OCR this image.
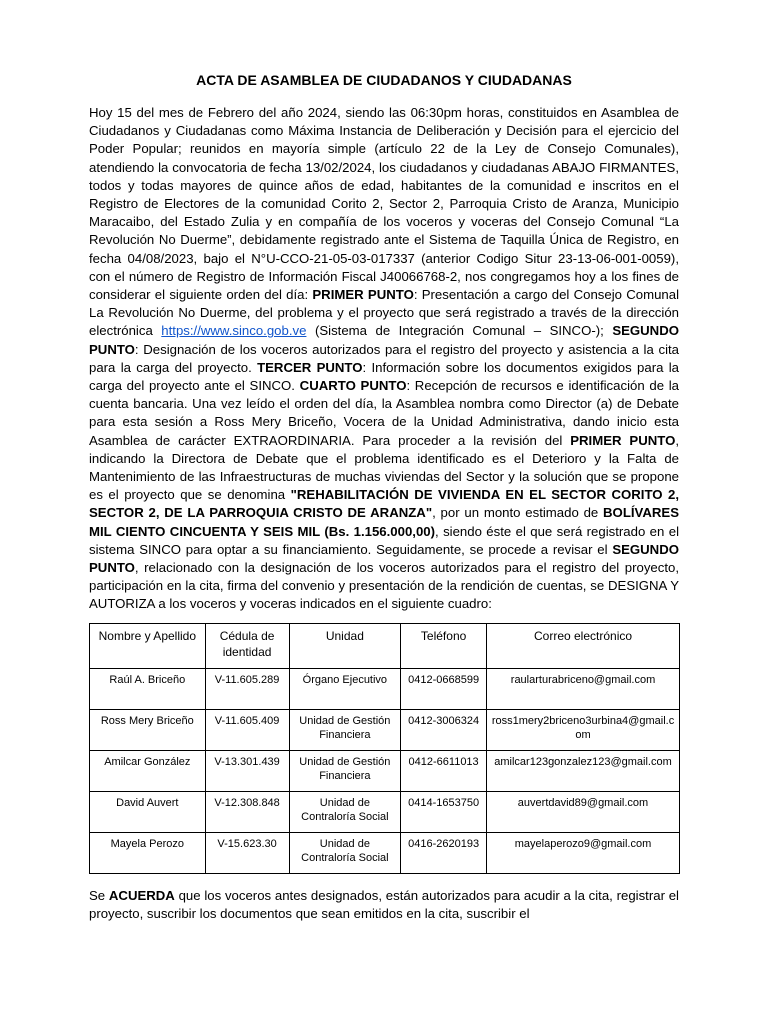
ACTA DE ASAMBLEA DE CIUDADANOS Y CIUDADANAS

Hoy 15 del mes de Febrero del año 2024, siendo las 06:30pm horas, constituidos en Asamblea de Ciudadanos y Ciudadanas como Máxima Instancia de Deliberación y Decisión para el ejercicio del Poder Popular; reunidos en mayoría simple (artículo 22 de la Ley de Consejo Comunales), atendiendo la convocatoria de fecha 13/02/2024, los ciudadanos y ciudadanas ABAJO FIRMANTES, todos y todas mayores de quince años de edad, habitantes de la comunidad e inscritos en el Registro de Electores de la comunidad Corito 2, Sector 2, Parroquia Cristo de Aranza, Municipio Maracaibo, del Estado Zulia y en compañía de los voceros y voceras del Consejo Comunal “La Revolución No Duerme”, debidamente registrado ante el Sistema de Taquilla Única de Registro, en fecha 04/08/2023, bajo el N°U-CCO-21-05-03-017337 (anterior Codigo Situr 23-13-06-001-0059), con el número de Registro de Información Fiscal J40066768-2, nos congregamos hoy a los fines de considerar el siguiente orden del día: PRIMER PUNTO: Presentación a cargo del Consejo Comunal La Revolución No Duerme, del problema y el proyecto que será registrado a través de la dirección electrónica https://www.sinco.gob.ve (Sistema de Integración Comunal – SINCO-); SEGUNDO PUNTO: Designación de los voceros autorizados para el registro del proyecto y asistencia a la cita para la carga del proyecto. TERCER PUNTO: Información sobre los documentos exigidos para la carga del proyecto ante el SINCO. CUARTO PUNTO: Recepción de recursos e identificación de la cuenta bancaria. Una vez leído el orden del día, la Asamblea nombra como Director (a) de Debate para esta sesión a Ross Mery Briceño, Vocera de la Unidad Administrativa, dando inicio esta Asamblea de carácter EXTRAORDINARIA. Para proceder a la revisión del PRIMER PUNTO, indicando la Directora de Debate que el problema identificado es el Deterioro y la Falta de Mantenimiento de las Infraestructuras de muchas viviendas del Sector y la solución que se propone es el proyecto que se denomina "REHABILITACIÓN DE VIVIENDA EN EL SECTOR CORITO 2, SECTOR 2, DE LA PARROQUIA CRISTO DE ARANZA", por un monto estimado de BOLÍVARES MIL CIENTO CINCUENTA Y SEIS MIL (Bs. 1.156.000,00), siendo éste el que será registrado en el sistema SINCO para optar a su financiamiento. Seguidamente, se procede a revisar el SEGUNDO PUNTO, relacionado con la designación de los voceros autorizados para el registro del proyecto, participación en la cita, firma del convenio y presentación de la rendición de cuentas, se DESIGNA Y AUTORIZA a los voceros y voceras indicados en el siguiente cuadro:

Nombre y Apellido	Cédula de identidad	Unidad	Teléfono	Correo electrónico
Raúl A. Briceño	V-11.605.289	Órgano Ejecutivo	0412-0668599	raularturabriceno@gmail.com
Ross Mery Briceño	V-11.605.409	Unidad de Gestión Financiera	0412-3006324	ross1mery2briceno3urbina4@gmail.com
Amilcar González	V-13.301.439	Unidad de Gestión Financiera	0412-6611013	amilcar123gonzalez123@gmail.com
David Auvert	V-12.308.848	Unidad de Contraloría Social	0414-1653750	auvertdavid89@gmail.com
Mayela Perozo	V-15.623.30	Unidad de Contraloría Social	0416-2620193	mayelaperozo9@gmail.com

Se ACUERDA que los voceros antes designados, están autorizados para acudir a la cita, registrar el proyecto, suscribir los documentos que sean emitidos en la cita, suscribir el
